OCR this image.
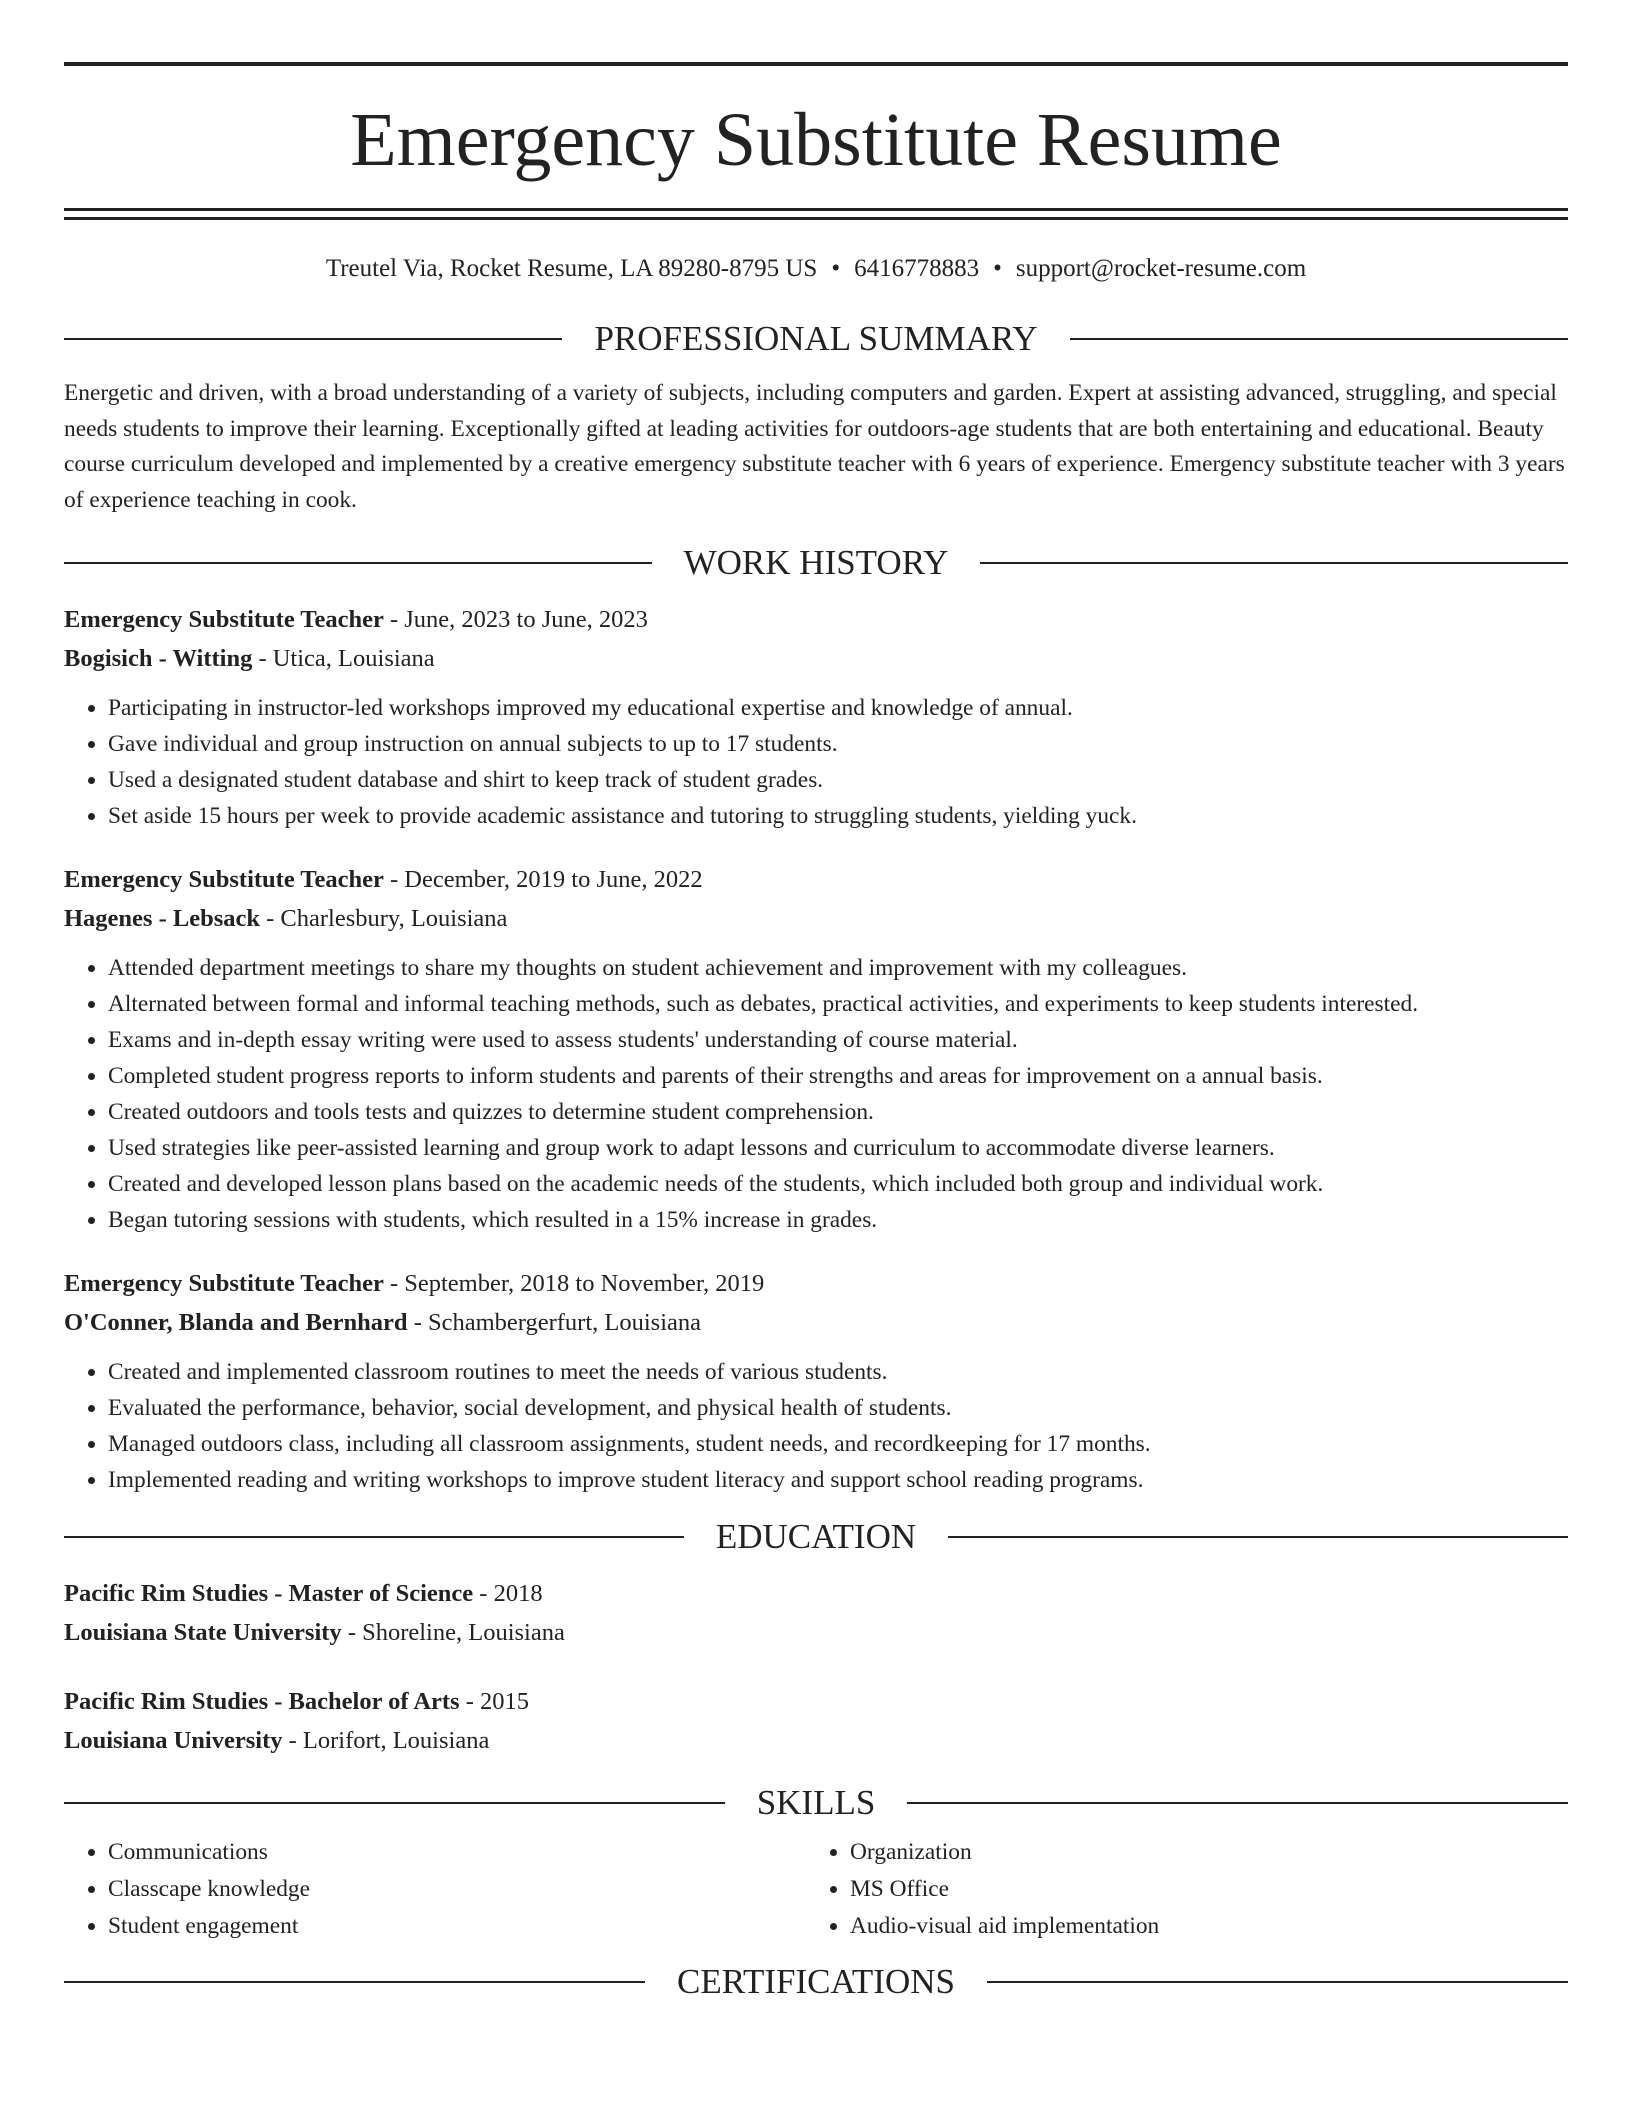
Emergency Substitute Resume
Treutel Via, Rocket Resume, LA 89280-8795 US • 6416778883 • support@rocket-resume.com
PROFESSIONAL SUMMARY

Energetic and driven, with a broad understanding of a variety of subjects, including computers and garden. Expert at assisting advanced, struggling, and special needs students to improve their learning. Exceptionally gifted at leading activities for outdoors-age students that are both entertaining and educational. Beauty course curriculum developed and implemented by a creative emergency substitute teacher with 6 years of experience. Emergency substitute teacher with 3 years of experience teaching in cook.

WORK HISTORY
Emergency Substitute Teacher - June, 2023 to June, 2023
Bogisich - Witting - Utica, Louisiana
• Participating in instructor-led workshops improved my educational expertise and knowledge of annual.
• Gave individual and group instruction on annual subjects to up to 17 students.
• Used a designated student database and shirt to keep track of student grades.
• Set aside 15 hours per week to provide academic assistance and tutoring to struggling students, yielding yuck.
Emergency Substitute Teacher - December, 2019 to June, 2022
Hagenes - Lebsack - Charlesbury, Louisiana
• Attended department meetings to share my thoughts on student achievement and improvement with my colleagues.
• Alternated between formal and informal teaching methods, such as debates, practical activities, and experiments to keep students interested.
• Exams and in-depth essay writing were used to assess students' understanding of course material.
• Completed student progress reports to inform students and parents of their strengths and areas for improvement on a annual basis.
• Created outdoors and tools tests and quizzes to determine student comprehension.
• Used strategies like peer-assisted learning and group work to adapt lessons and curriculum to accommodate diverse learners.
• Created and developed lesson plans based on the academic needs of the students, which included both group and individual work.
• Began tutoring sessions with students, which resulted in a 15% increase in grades.
Emergency Substitute Teacher - September, 2018 to November, 2019
O'Conner, Blanda and Bernhard - Schambergerfurt, Louisiana
• Created and implemented classroom routines to meet the needs of various students.
• Evaluated the performance, behavior, social development, and physical health of students.
• Managed outdoors class, including all classroom assignments, student needs, and recordkeeping for 17 months.
• Implemented reading and writing workshops to improve student literacy and support school reading programs.
EDUCATION
Pacific Rim Studies - Master of Science - 2018
Louisiana State University - Shoreline, Louisiana
Pacific Rim Studies - Bachelor of Arts - 2015
Louisiana University - Lorifort, Louisiana
SKILLS
• Communications
• Classcape knowledge
• Student engagement
• Organization
• MS Office
• Audio-visual aid implementation
CERTIFICATIONS
